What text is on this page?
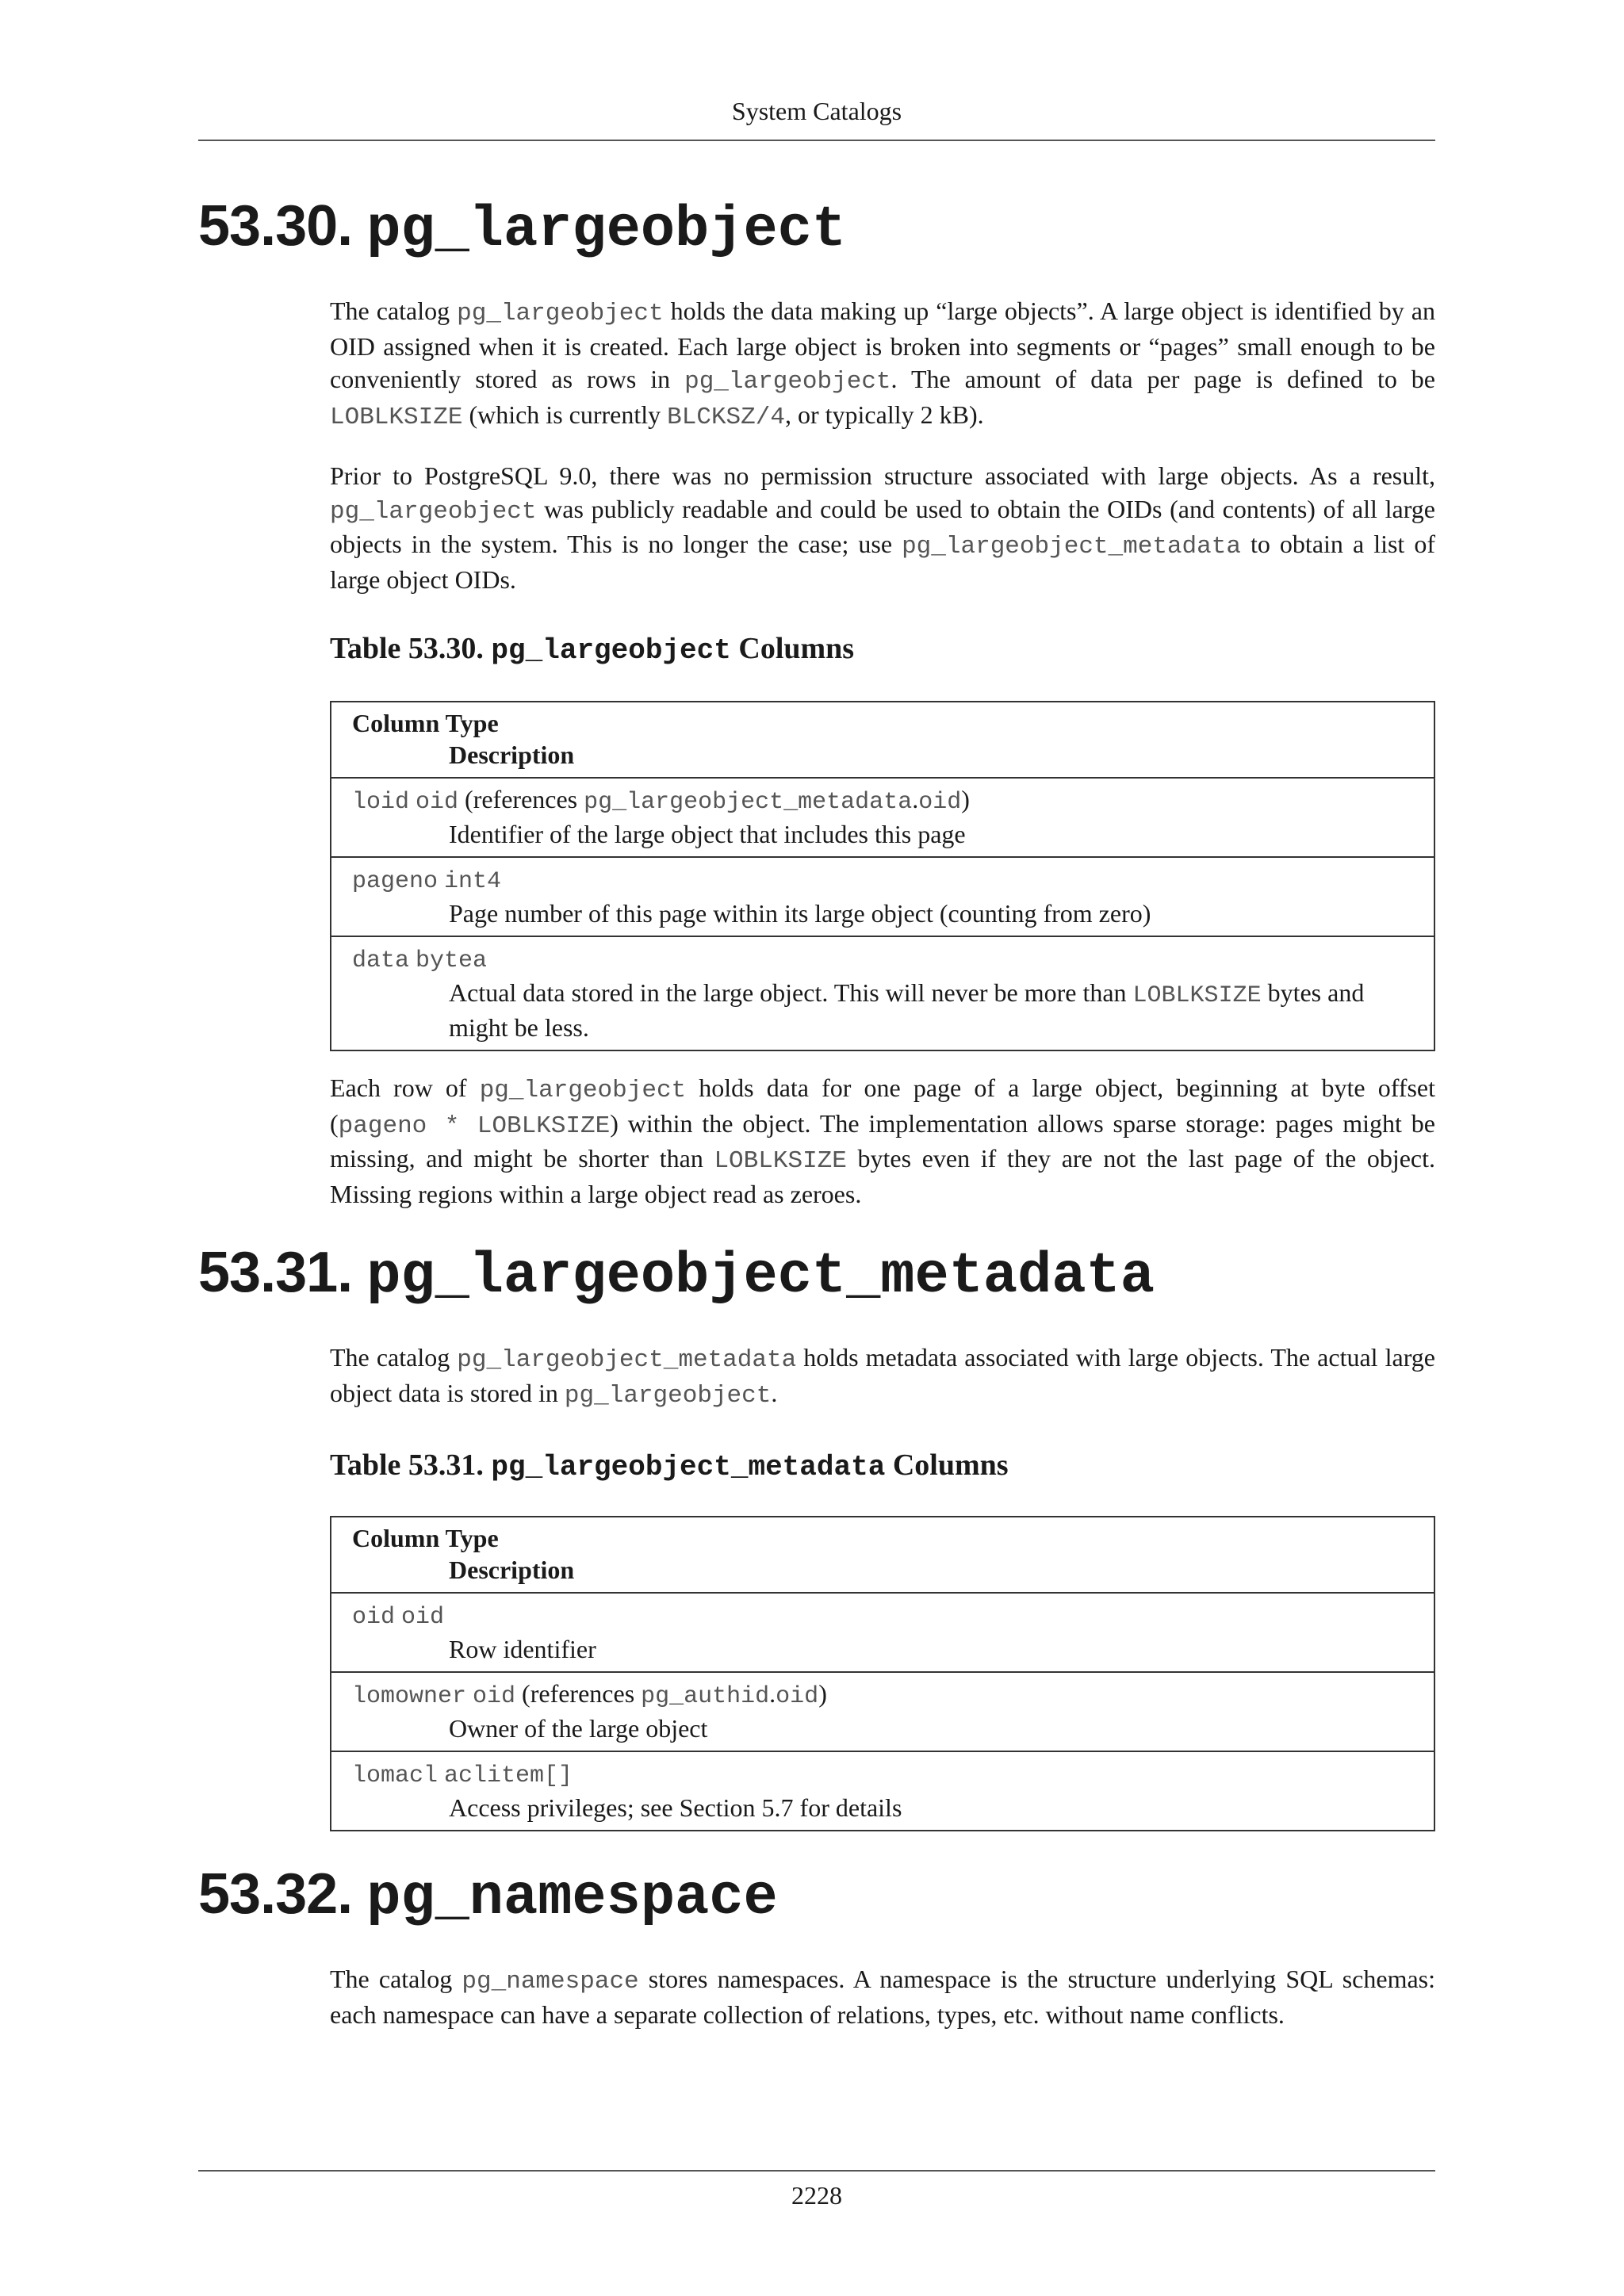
System Catalogs
53.30. pg_largeobject

The catalog pg_largeobject holds the data making up “large objects”. A large object is identified by an OID assigned when it is created. Each large object is broken into segments or “pages” small enough to be conveniently stored as rows in pg_largeobject. The amount of data per page is defined to be LOBLKSIZE (which is currently BLCKSZ/4, or typically 2 kB).

Prior to PostgreSQL 9.0, there was no permission structure associated with large objects. As a result, pg_largeobject was publicly readable and could be used to obtain the OIDs (and contents) of all large objects in the system. This is no longer the case; use pg_largeobject_metadata to obtain a list of large object OIDs.

Table 53.30. pg_largeobject Columns

Column Type
Description

loid oid (references pg_largeobject_metadata.oid)
Identifier of the large object that includes this page

pageno int4
Page number of this page within its large object (counting from zero)

data bytea
Actual data stored in the large object. This will never be more than LOBLKSIZE bytes and might be less.

Each row of pg_largeobject holds data for one page of a large object, beginning at byte offset (pageno * LOBLKSIZE) within the object. The implementation allows sparse storage: pages might be missing, and might be shorter than LOBLKSIZE bytes even if they are not the last page of the object. Missing regions within a large object read as zeroes.

53.31. pg_largeobject_metadata

The catalog pg_largeobject_metadata holds metadata associated with large objects. The actual large object data is stored in pg_largeobject.

Table 53.31. pg_largeobject_metadata Columns

Column Type
Description

oid oid
Row identifier

lomowner oid (references pg_authid.oid)
Owner of the large object

lomacl aclitem[]
Access privileges; see Section 5.7 for details
53.32. pg_namespace

The catalog pg_namespace stores namespaces. A namespace is the structure underlying SQL schemas: each namespace can have a separate collection of relations, types, etc. without name conflicts.

2228
